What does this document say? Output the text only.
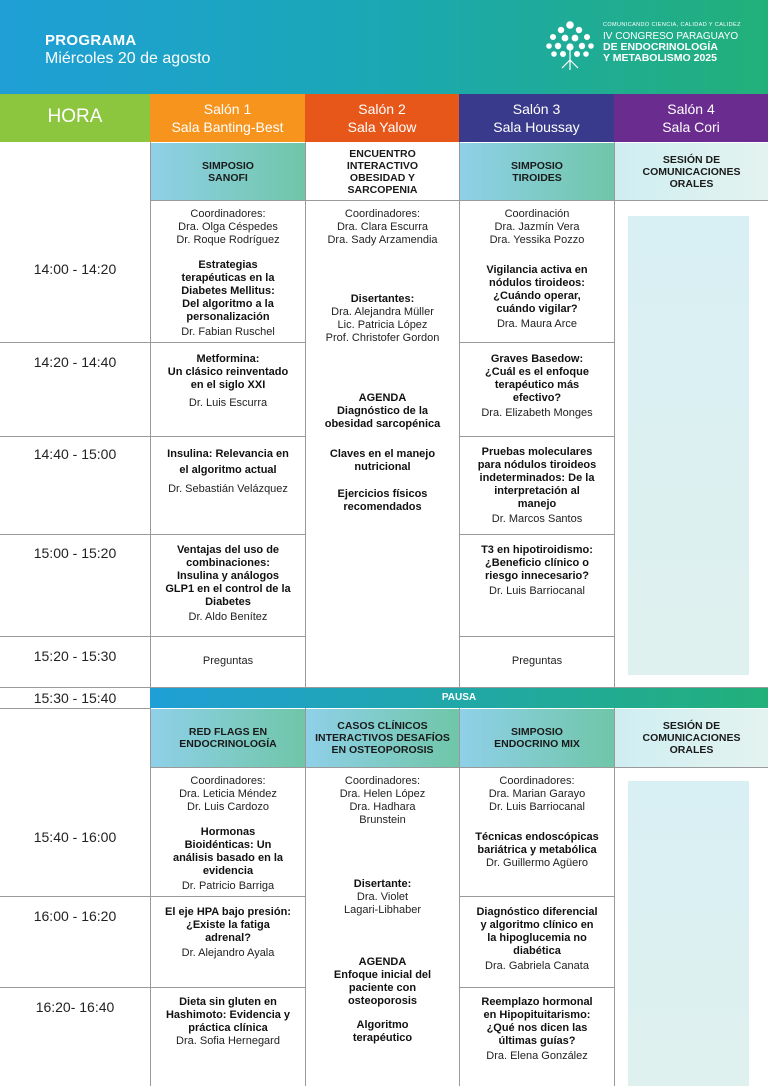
PROGRAMA
Miércoles 20 de agosto
COMUNICANDO CIENCIA, CALIDAD Y CALIDEZ
IV CONGRESO PARAGUAYO
DE ENDOCRINOLOGÍA
Y METABOLISMO 2025
HORA	Salón 1
Sala Banting-Best
Salón 2
Sala Yalow
Salón 3
Sala Houssay
Salón 4
Sala Cori
SIMPOSIO
SANOFI
ENCUENTRO
INTERACTIVO
OBESIDAD Y
SARCOPENIA
SIMPOSIO
TIROIDES
SESIÓN DE
COMUNICACIONES
ORALES
14:00 - 14:20
14:20 - 14:40
14:40 - 15:00
15:00 - 15:20
15:20 - 15:30
15:30 - 15:40
15:40 - 16:00
16:00 - 16:20
16:20- 16:40
Coordinadores:
Dra. Olga Céspedes
Dr. Roque Rodríguez
Estrategias
terapéuticas en la
Diabetes Mellitus:
Del algoritmo a la
personalización
Dr. Fabian Ruschel
Metformina:
Un clásico reinventado
en el siglo XXI
Dr. Luis Escurra
Insulina: Relevancia en
el algoritmo actual
Dr. Sebastián Velázquez
Ventajas del uso de
combinaciones:
Insulina y análogos
GLP1 en el control de la
Diabetes
Dr. Aldo Benítez
Preguntas
Coordinadores:
Dra. Clara Escurra
Dra. Sady Arzamendia
Disertantes:
Dra. Alejandra Müller
Lic. Patricia López
Prof. Christofer Gordon
AGENDA
Diagnóstico de la
obesidad sarcopénica
Claves en el manejo
nutricional
Ejercicios físicos
recomendados
Coordinación
Dra. Jazmín Vera
Dra. Yessika Pozzo
Vigilancia activa en
nódulos tiroideos:
¿Cuándo operar,
cuándo vigilar?
Dra. Maura Arce
Graves Basedow:
¿Cuál es el enfoque
terapéutico más
efectivo?
Dra. Elizabeth Monges
Pruebas moleculares
para nódulos tiroideos
indeterminados: De la
interpretación al
manejo
Dr. Marcos Santos
T3 en hipotiroidismo:
¿Beneficio clínico o
riesgo innecesario?
Dr. Luis Barriocanal
Preguntas
PAUSA
RED FLAGS EN
ENDOCRINOLOGÍA
CASOS CLÍNICOS
INTERACTIVOS DESAFÍOS
EN OSTEOPOROSIS
SIMPOSIO
ENDOCRINO MIX
SESIÓN DE
COMUNICACIONES
ORALES
Coordinadores:
Dra. Leticia Méndez
Dr. Luis Cardozo
Hormonas
Bioidénticas: Un
análisis basado en la
evidencia
Dr. Patricio Barriga
El eje HPA bajo presión:
¿Existe la fatiga
adrenal?
Dr. Alejandro Ayala
Dieta sin gluten en
Hashimoto: Evidencia y
práctica clínica
Dra. Sofia Hernegard
Coordinadores:
Dra. Helen López
Dra. Hadhara
Brunstein
Disertante:
Dra. Violet
Lagari-Libhaber
AGENDA
Enfoque inicial del
paciente con
osteoporosis
Algoritmo
terapéutico
Coordinadores:
Dra. Marian Garayo
Dr. Luis Barriocanal
Técnicas endoscópicas
bariátrica y metabólica
Dr. Guillermo Agüero
Diagnóstico diferencial
y algoritmo clínico en
la hipoglucemia no
diabética
Dra. Gabriela Canata
Reemplazo hormonal
en Hipopituitarismo:
¿Qué nos dicen las
últimas guías?
Dra. Elena González
